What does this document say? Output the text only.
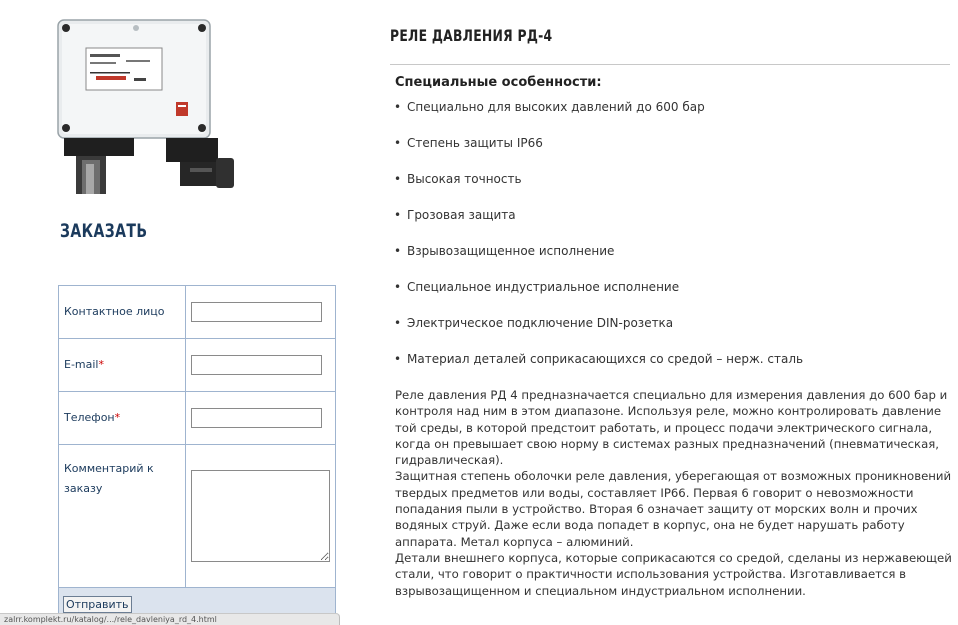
ЗАКАЗАТЬ
Контактное лицо	

E-mail*	

Телефон*	

Комментарий к заказу	

Отправить	
РЕЛЕ ДАВЛЕНИЯ РД-4
Специальные особенности:
• Специально для высоких давлений до 600 бар
• Степень защиты IP66
• Высокая точность
• Грозовая защита
• Взрывозащищенное исполнение
• Специальное индустриальное исполнение
• Электрическое подключение DIN-розетка
• Материал деталей соприкасающихся со средой – нерж. сталь

Реле давления РД 4 предназначается специально для измерения давления до 600 бар и контроля над ним в этом диапазоне. Используя реле, можно контролировать давление той среды, в которой предстоит работать, и процесс подачи электрического сигнала, когда он превышает свою норму в системах разных предназначений (пневматическая, гидравлическая).

Защитная степень оболочки реле давления, уберегающая от возможных проникновений твердых предметов или воды, составляет IP66. Первая 6 говорит о невозможности попадания пыли в устройство. Вторая 6 означает защиту от морских волн и прочих водяных струй. Даже если вода попадет в корпус, она не будет нарушать работу аппарата. Метал корпуса – алюминий.

Детали внешнего корпуса, которые соприкасаются со средой, сделаны из нержавеющей стали, что говорит о практичности использования устройства. Изготавливается в взрывозащищенном и специальном индустриальном исполнении.

zalrr.komplekt.ru/katalog/.../rele_davleniya_rd_4.html
